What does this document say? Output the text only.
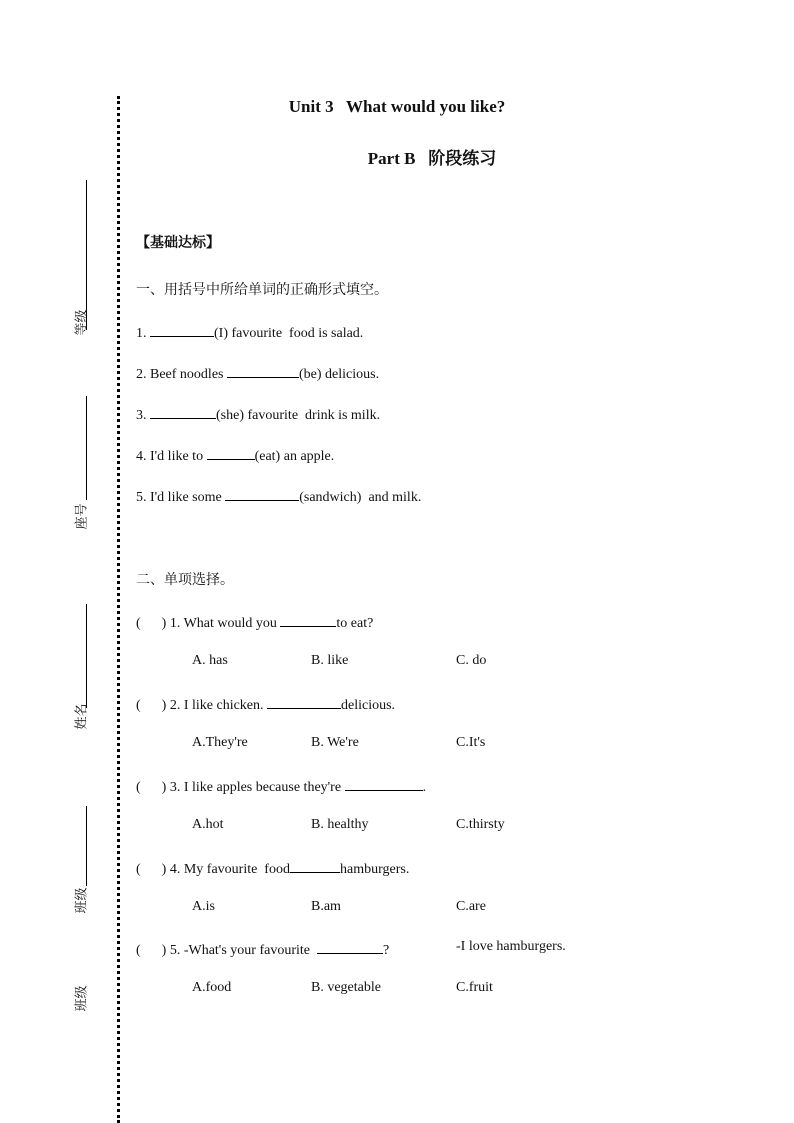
等级
座号
姓名
班级
班级
Unit 3   What would you like?
Part B 阶段练习
【基础达标】
一、用括号中所给单词的正确形式填空。
1.	(I) favourite  food is salad.
2. Beef noodles	(be) delicious.
3.	(she) favourite  drink is milk.
4. I'd like to	(eat) an apple.
5. I'd like some	(sandwich)  and milk.
二、单项选择。
(      ) 1. What would you	to eat?
A. has	B. like	C. do
(      ) 2. I like chicken.	delicious.
A.They're	B. We're	C.It's
(      ) 3. I like apples because they're	.
A.hot	B. healthy	C.thirsty
(      ) 4. My favourite  food	hamburgers.
A.is	B.am	C.are
(      ) 5. -What's your favourite	?	-I love hamburgers.
A.food	B. vegetable	C.fruit
